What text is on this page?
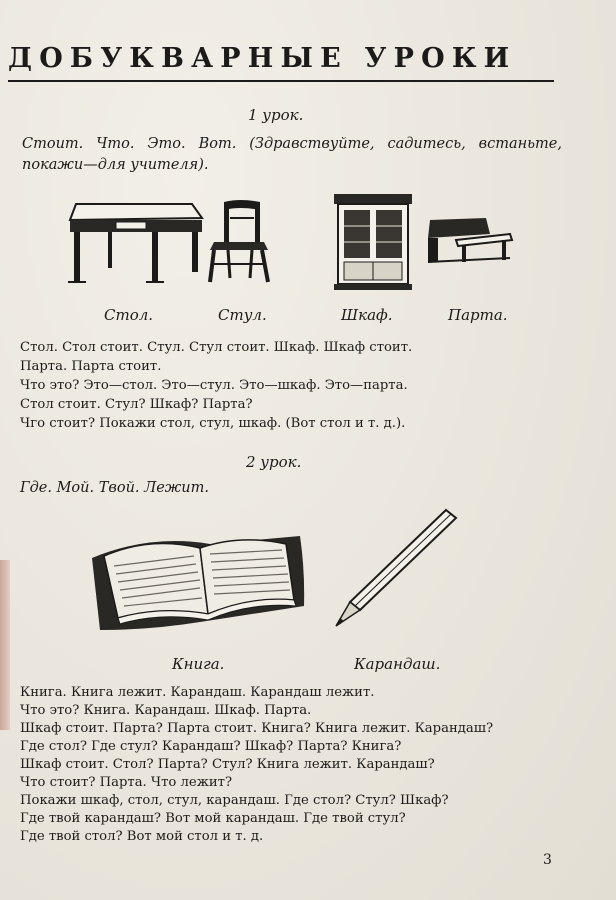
ДОБУКВАРНЫЕ УРОКИ
1 урок.
Стоит. Что. Это. Вот. (Здравствуйте, садитесь, встаньте, покажи—для учителя).
Стол.	Стул.	Шкаф.	Парта.
Стол. Стол стоит. Стул. Стул стоит. Шкаф. Шкаф стоит.
Парта. Парта стоит.
Что это? Это—стол. Это—стул. Это—шкаф. Это—парта.
Стол стоит. Стул? Шкаф? Парта?
Чго стоит? Покажи стол, стул, шкаф. (Вот стол и т. д.).
2 урок.
Где. Мой. Твой. Лежит.
Книга.	Карандаш.
Книга. Книга лежит. Карандаш. Карандаш лежит.
Что это? Книга. Карандаш. Шкаф. Парта.
Шкаф стоит. Парта? Парта стоит. Книга? Книга лежит. Карандаш?
Где стол? Где стул? Карандаш? Шкаф? Парта? Книга?
Шкаф стоит. Стол? Парта? Стул? Книга лежит. Карандаш?
Что стоит? Парта. Что лежит?
Покажи шкаф, стол, стул, карандаш. Где стол? Стул? Шкаф?
Где твой карандаш? Вот мой карандаш. Где твой стул?
Где твой стол? Вот мой стол и т. д.
3
